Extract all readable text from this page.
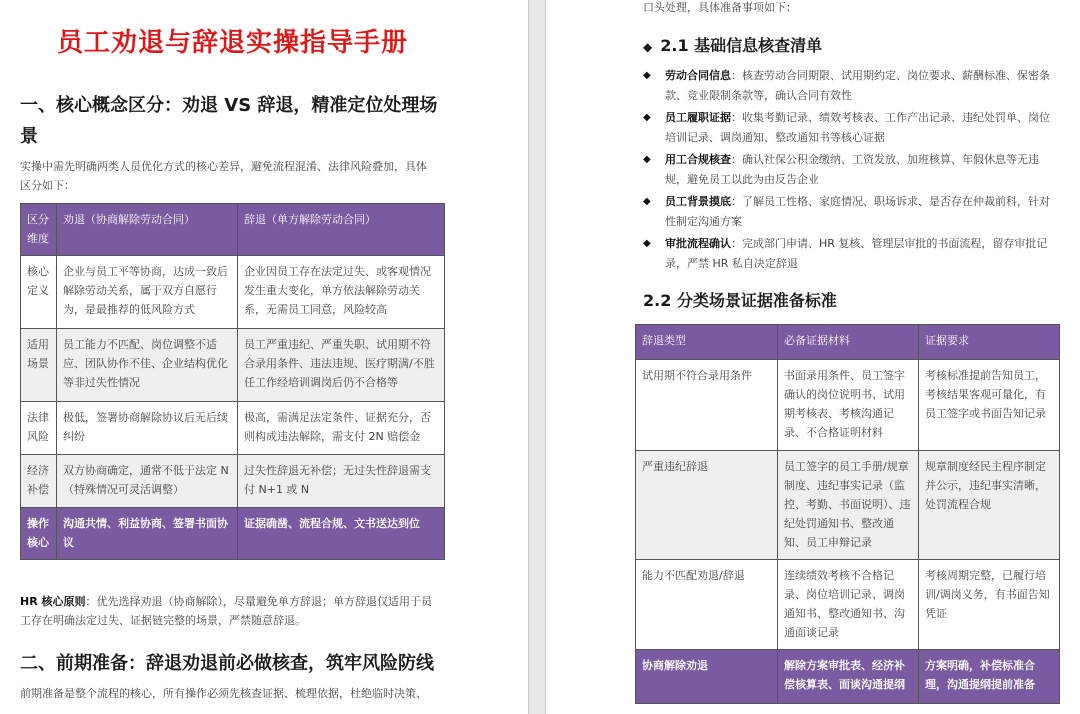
员工劝退与辞退实操指导手册
一、核心概念区分：劝退 VS 辞退，精准定位处理场
景
实操中需先明确两类人员优化方式的核心差异，避免流程混淆、法律风险叠加，具体
区分如下：
区分维度	劝退（协商解除劳动合同）	辞退（单方解除劳动合同）
核心定义	企业与员工平等协商，达成一致后解除劳动关系，属于双方自愿行为，是最推荐的低风险方式	企业因员工存在法定过失、或客观情况发生重大变化，单方依法解除劳动关系，无需员工同意，风险较高
适用场景	员工能力不匹配、岗位调整不适应、团队协作不佳、企业结构优化等非过失性情况	员工严重违纪、严重失职、试用期不符合录用条件、违法违规、医疗期满/不胜任工作经培训调岗后仍不合格等
法律风险	极低，签署协商解除协议后无后续纠纷	极高，需满足法定条件、证据充分，否则构成违法解除，需支付 2N 赔偿金
经济补偿	双方协商确定，通常不低于法定 N（特殊情况可灵活调整）	过失性辞退无补偿；无过失性辞退需支付 N+1 或 N
操作核心	沟通共情、利益协商、签署书面协议	证据确凿、流程合规、文书送达到位
HR 核心原则：优先选择劝退（协商解除），尽量避免单方辞退；单方辞退仅适用于员
工存在明确法定过失、证据链完整的场景，严禁随意辞退。
二、前期准备：辞退劝退前必做核查，筑牢风险防线
前期准备是整个流程的核心，所有操作必须先核查证据、梳理依据，杜绝临时决策、
口头处理，具体准备事项如下：
◆ 2.1 基础信息核查清单
◆ 劳动合同信息：核查劳动合同期限、试用期约定、岗位要求、薪酬标准、保密条
款、竞业限制条款等，确认合同有效性
◆ 员工履职证据：收集考勤记录、绩效考核表、工作产出记录、违纪处罚单、岗位
培训记录、调岗通知、整改通知书等核心证据
◆ 用工合规核查：确认社保公积金缴纳、工资发放、加班核算、年假休息等无违
规，避免员工以此为由反告企业
◆ 员工背景摸底：了解员工性格、家庭情况、职场诉求、是否存在仲裁前科，针对
性制定沟通方案
◆ 审批流程确认：完成部门申请、HR 复核、管理层审批的书面流程，留存审批记
录，严禁 HR 私自决定辞退
2.2 分类场景证据准备标准
辞退类型	必备证据材料	证据要求
试用期不符合录用条件	书面录用条件、员工签字确认的岗位说明书、试用期考核表、考核沟通记录、不合格证明材料	考核标准提前告知员工，考核结果客观可量化，有员工签字或书面告知记录
严重违纪辞退	员工签字的员工手册/规章制度、违纪事实记录（监控、考勤、书面说明）、违纪处罚通知书、整改通知、员工申辩记录	规章制度经民主程序制定并公示，违纪事实清晰，处罚流程合规
能力不匹配劝退/辞退	连续绩效考核不合格记录、岗位培训记录、调岗通知书、整改通知书、沟通面谈记录	考核周期完整，已履行培训/调岗义务，有书面告知凭证
协商解除劝退	解除方案审批表、经济补偿核算表、面谈沟通提纲	方案明确，补偿标准合理，沟通提纲提前准备
